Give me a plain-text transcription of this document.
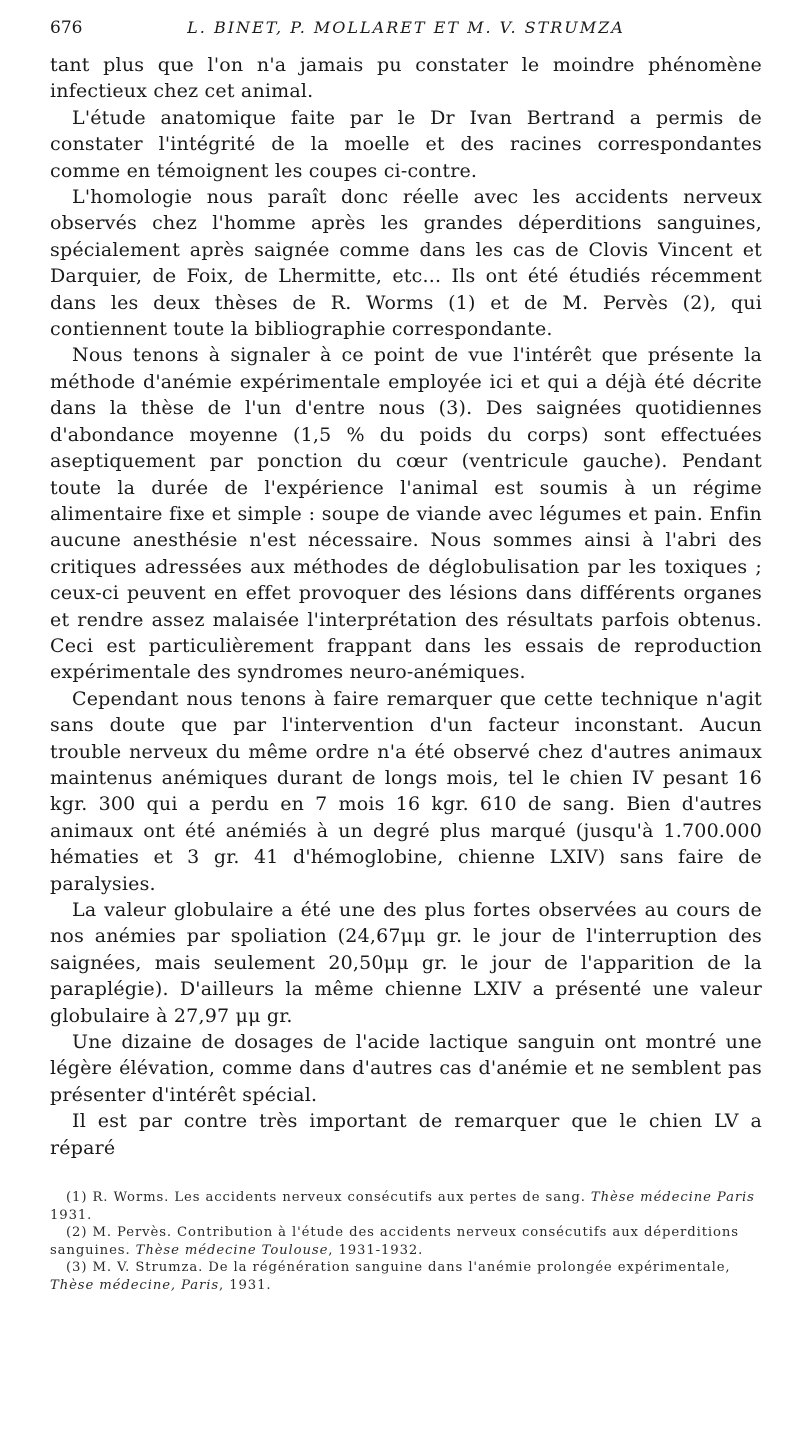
676	L. BINET, P. MOLLARET ET M. V. STRUMZA

tant plus que l'on n'a jamais pu constater le moindre phénomène infectieux chez cet animal.

L'étude anatomique faite par le Dr Ivan Bertrand a permis de constater l'intégrité de la moelle et des racines correspondantes comme en témoignent les coupes ci-contre.

L'homologie nous paraît donc réelle avec les accidents nerveux observés chez l'homme après les grandes déperditions sanguines, spécialement après saignée comme dans les cas de Clovis Vincent et Darquier, de Foix, de Lhermitte, etc... Ils ont été étudiés récemment dans les deux thèses de R. Worms (1) et de M. Pervès (2), qui contiennent toute la bibliographie correspondante.

Nous tenons à signaler à ce point de vue l'intérêt que présente la méthode d'anémie expérimentale employée ici et qui a déjà été décrite dans la thèse de l'un d'entre nous (3). Des saignées quotidiennes d'abondance moyenne (1,5 % du poids du corps) sont effectuées aseptiquement par ponction du cœur (ventricule gauche). Pendant toute la durée de l'expérience l'animal est soumis à un régime alimentaire fixe et simple : soupe de viande avec légumes et pain. Enfin aucune anesthésie n'est nécessaire. Nous sommes ainsi à l'abri des critiques adressées aux méthodes de déglobulisation par les toxiques ; ceux-ci peuvent en effet provoquer des lésions dans différents organes et rendre assez malaisée l'interprétation des résultats parfois obtenus. Ceci est particulièrement frappant dans les essais de reproduction expérimentale des syndromes neuro-anémiques.

Cependant nous tenons à faire remarquer que cette technique n'agit sans doute que par l'intervention d'un facteur inconstant. Aucun trouble nerveux du même ordre n'a été observé chez d'autres animaux maintenus anémiques durant de longs mois, tel le chien IV pesant 16 kgr. 300 qui a perdu en 7 mois 16 kgr. 610 de sang. Bien d'autres animaux ont été anémiés à un degré plus marqué (jusqu'à 1.700.000 hématies et 3 gr. 41 d'hémoglobine, chienne LXIV) sans faire de paralysies.

La valeur globulaire a été une des plus fortes observées au cours de nos anémies par spoliation (24,67μμ gr. le jour de l'interruption des saignées, mais seulement 20,50μμ gr. le jour de l'apparition de la paraplégie). D'ailleurs la même chienne LXIV a présenté une valeur globulaire à 27,97 μμ gr.

Une dizaine de dosages de l'acide lactique sanguin ont montré une légère élévation, comme dans d'autres cas d'anémie et ne semblent pas présenter d'intérêt spécial.

Il est par contre très important de remarquer que le chien LV a réparé

(1) R. Worms. Les accidents nerveux consécutifs aux pertes de sang. Thèse médecine Paris 1931.
(2) M. Pervès. Contribution à l'étude des accidents nerveux consécutifs aux déperditions sanguines. Thèse médecine Toulouse, 1931-1932.
(3) M. V. Strumza. De la régénération sanguine dans l'anémie prolongée expérimentale, Thèse médecine, Paris, 1931.
